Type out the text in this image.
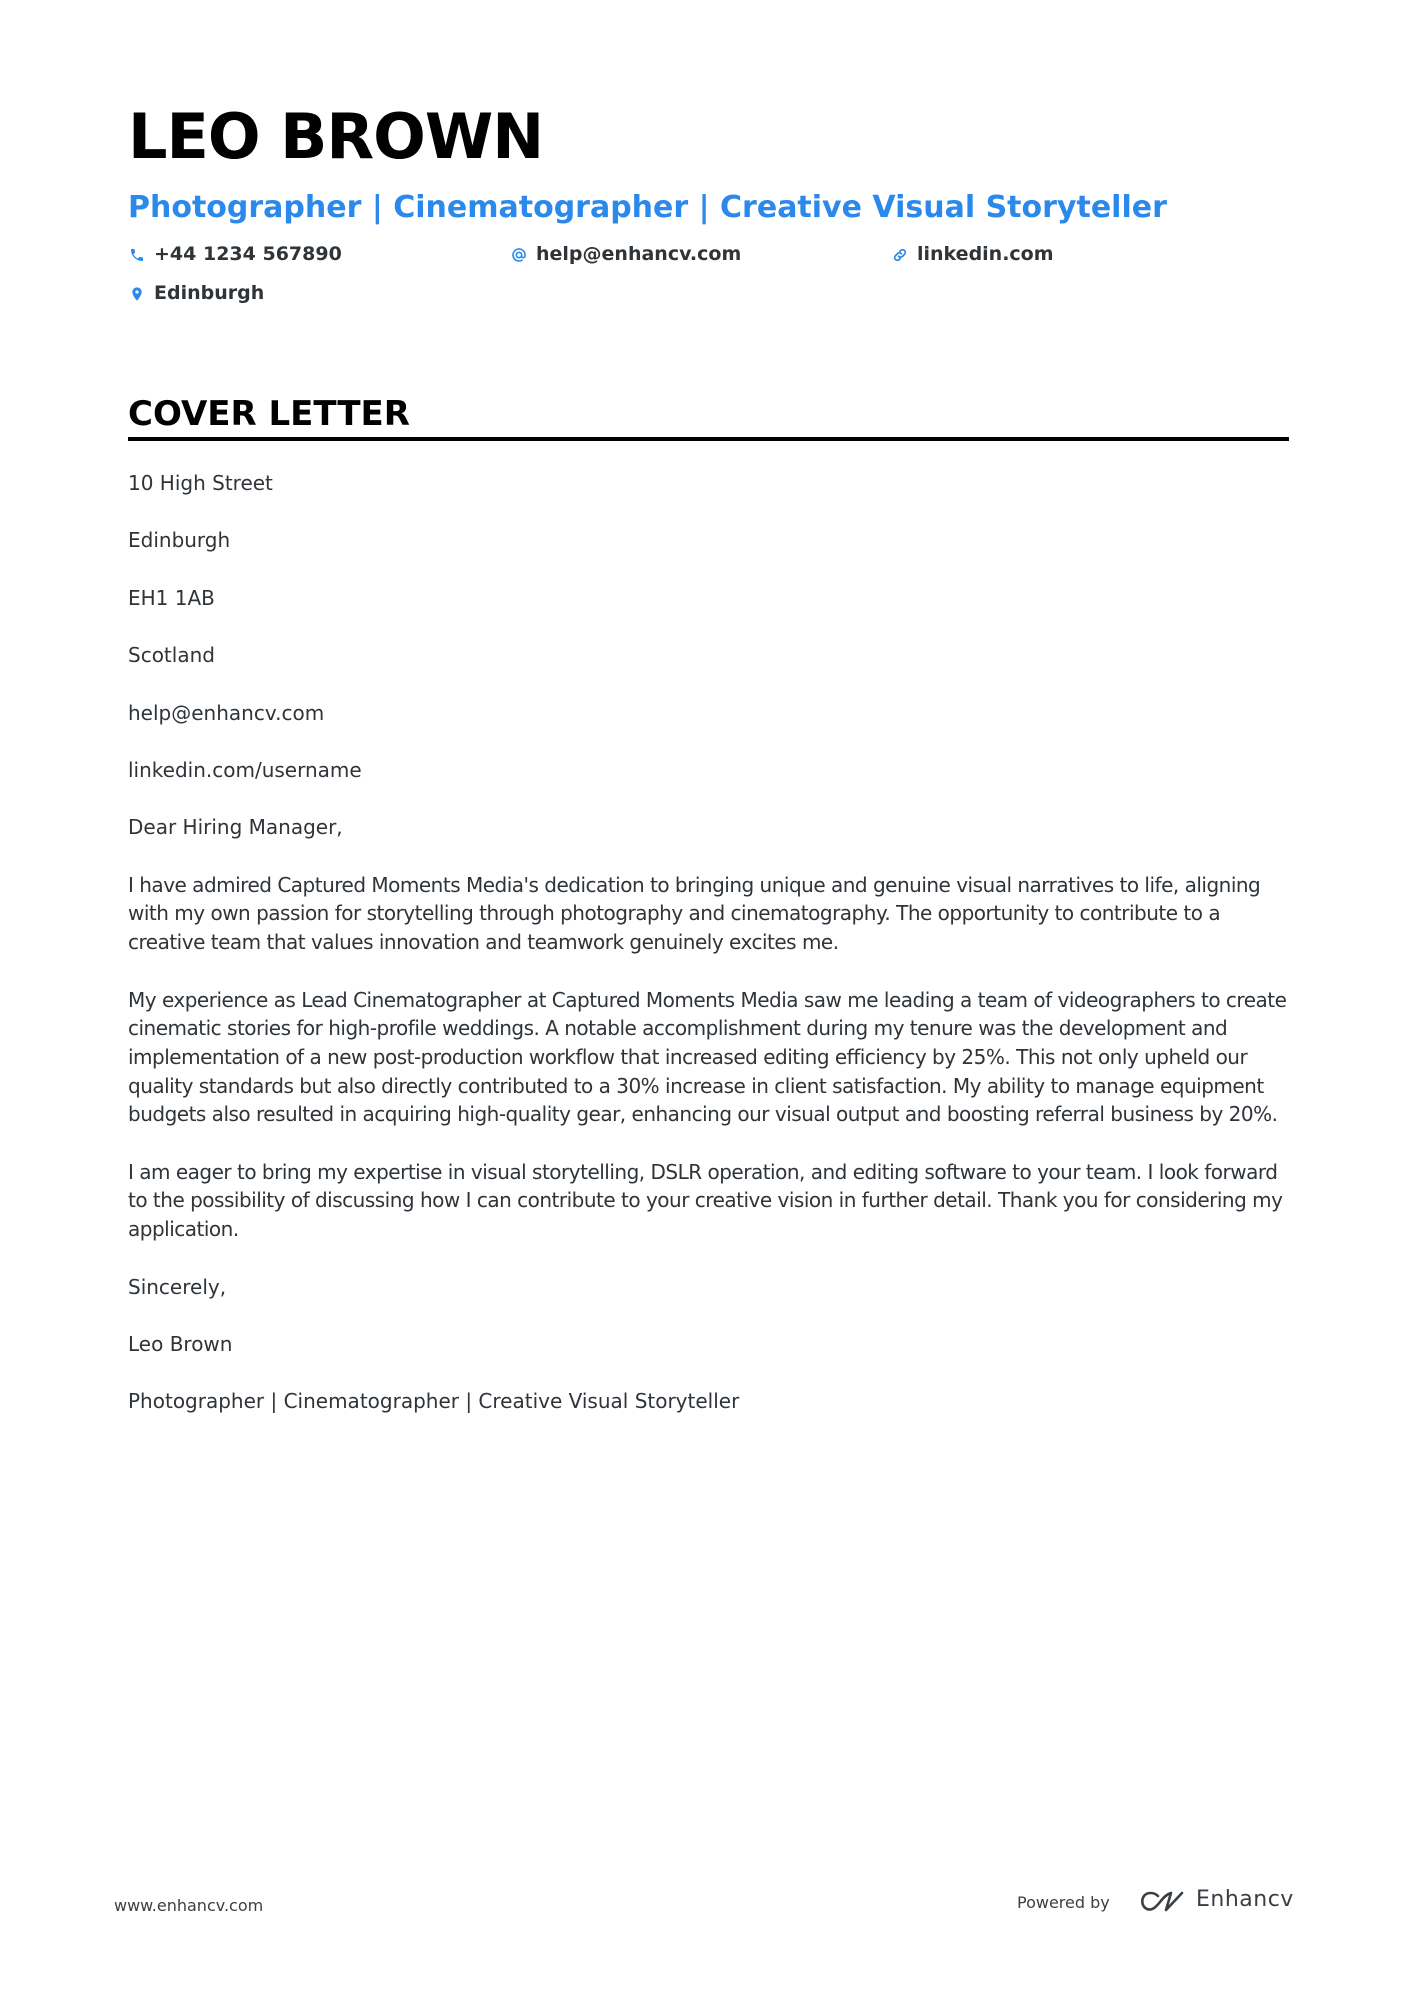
LEO BROWN
Photographer | Cinematographer | Creative Visual Storyteller
+44 1234 567890	help@enhancv.com	linkedin.com
Edinburgh
COVER LETTER

10 High Street

Edinburgh

EH1 1AB

Scotland

help@enhancv.com

linkedin.com/username

Dear Hiring Manager,

I have admired Captured Moments Media's dedication to bringing unique and genuine visual narratives to life, aligning with my own passion for storytelling through photography and cinematography. The opportunity to contribute to a creative team that values innovation and teamwork genuinely excites me.

My experience as Lead Cinematographer at Captured Moments Media saw me leading a team of videographers to create cinematic stories for high-profile weddings. A notable accomplishment during my tenure was the development and implementation of a new post-production workflow that increased editing efficiency by 25%. This not only upheld our quality standards but also directly contributed to a 30% increase in client satisfaction. My ability to manage equipment budgets also resulted in acquiring high-quality gear, enhancing our visual output and boosting referral business by 20%.

I am eager to bring my expertise in visual storytelling, DSLR operation, and editing software to your team. I look forward to the possibility of discussing how I can contribute to your creative vision in further detail. Thank you for considering my application.

Sincerely,

Leo Brown

Photographer | Cinematographer | Creative Visual Storyteller

www.enhancv.com	Powered by	Enhancv
